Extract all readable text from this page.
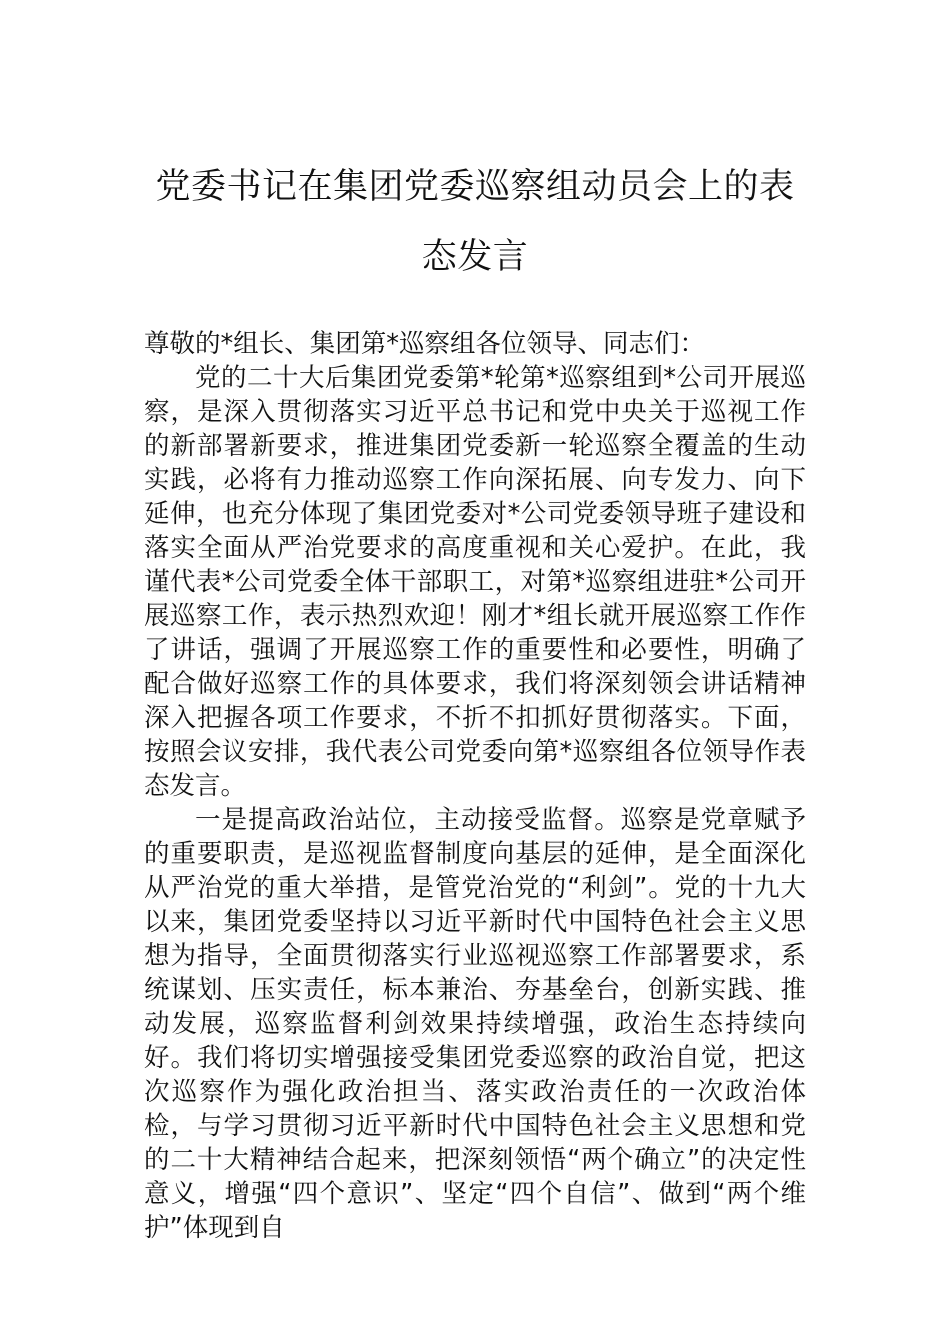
党委书记在集团党委巡察组动员会上的表
态发言

尊敬的*组长、集团第*巡察组各位领导、同志们：

党的二十大后集团党委第*轮第*巡察组到*公司开展巡察，是深入贯彻落实习近平总书记和党中央关于巡视工作的新部署新要求，推进集团党委新一轮巡察全覆盖的生动实践，必将有力推动巡察工作向深拓展、向专发力、向下延伸，也充分体现了集团党委对*公司党委领导班子建设和落实全面从严治党要求的高度重视和关心爱护。在此，我谨代表*公司党委全体干部职工，对第*巡察组进驻*公司开展巡察工作，表示热烈欢迎！刚才*组长就开展巡察工作作了讲话，强调了开展巡察工作的重要性和必要性，明确了配合做好巡察工作的具体要求，我们将深刻领会讲话精神深入把握各项工作要求，不折不扣抓好贯彻落实。下面，按照会议安排，我代表公司党委向第*巡察组各位领导作表态发言。

一是提高政治站位，主动接受监督。巡察是党章赋予的重要职责，是巡视监督制度向基层的延伸，是全面深化从严治党的重大举措，是管党治党的“利剑”。党的十九大以来，集团党委坚持以习近平新时代中国特色社会主义思想为指导，全面贯彻落实行业巡视巡察工作部署要求，系统谋划、压实责任，标本兼治、夯基垒台，创新实践、推动发展，巡察监督利剑效果持续增强，政治生态持续向好。我们将切实增强接受集团党委巡察的政治自觉，把这次巡察作为强化政治担当、落实政治责任的一次政治体检，与学习贯彻习近平新时代中国特色社会主义思想和党的二十大精神结合起来，把深刻领悟“两个确立”的决定性意义，增强“四个意识”、坚定“四个自信”、做到“两个维护”体现到自
